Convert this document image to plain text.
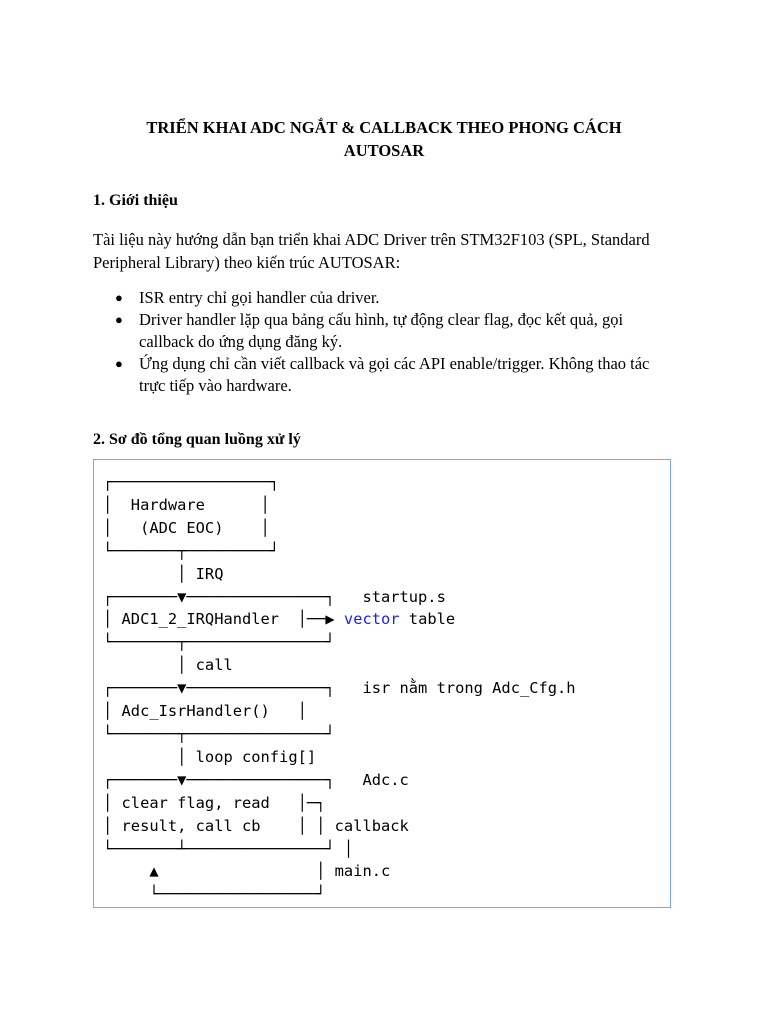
TRIỂN KHAI ADC NGẮT & CALLBACK THEO PHONG CÁCH
AUTOSAR
1. Giới thiệu

Tài liệu này hướng dẫn bạn triển khai ADC Driver trên STM32F103 (SPL, Standard Peripheral Library) theo kiến trúc AUTOSAR:

● ISR entry chỉ gọi handler của driver.
● Driver handler lặp qua bảng cấu hình, tự động clear flag, đọc kết quả, gọi callback do ứng dụng đăng ký.
● Ứng dụng chỉ cần viết callback và gọi các API enable/trigger. Không thao tác trực tiếp vào hardware.
2. Sơ đồ tổng quan luồng xử lý
┌─────────────────┐
│  Hardware      │
│   (ADC EOC)    │
└───────┬─────────┘
│ IRQ
┌───────▼───────────────┐   startup.s
│ ADC1_2_IRQHandler  │──▶ vector table
└───────┬───────────────┘
│ call
┌───────▼───────────────┐   isr nằm trong Adc_Cfg.h
│ Adc_IsrHandler()   │
└───────┬───────────────┘
│ loop config[]
┌───────▼───────────────┐   Adc.c
│ clear flag, read   │─┐
│ result, call cb    │ │ callback
└───────┴───────────────┘ │
▲                 │ main.c
└─────────────────┘
